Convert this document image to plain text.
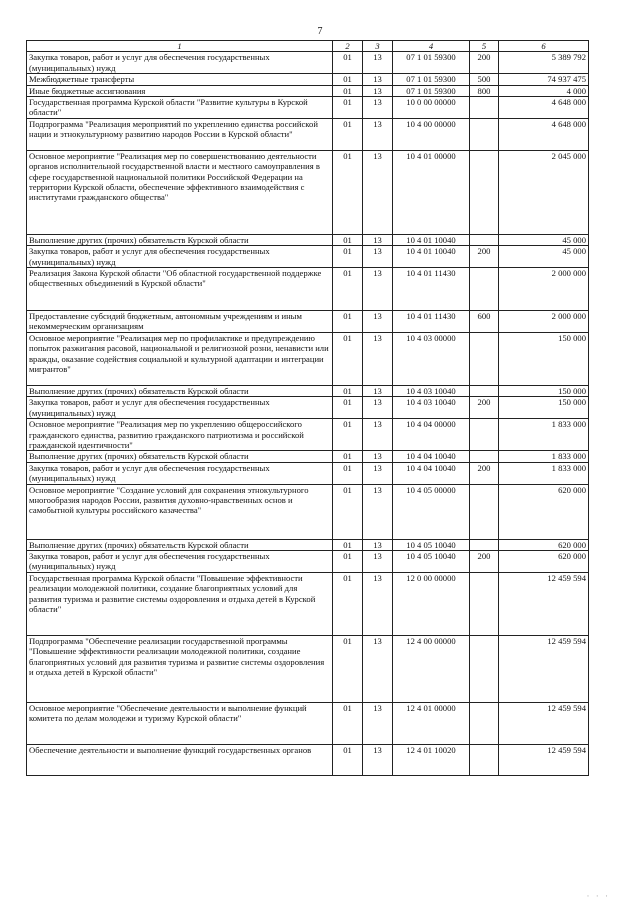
7
1	2	3	4	5	6
Закупка товаров, работ и услуг для обеспечения государственных (муниципальных) нужд	01	13	07 1 01 59300	200	5 389 792
Межбюджетные трансферты	01	13	07 1 01 59300	500	74 937 475
Иные бюджетные ассигнования	01	13	07 1 01 59300	800	4 000
Государственная программа Курской области "Развитие культуры в Курской области"	01	13	10 0 00 00000		4 648 000
Подпрограмма "Реализация мероприятий по укреплению единства российской нации и этнокультурному развитию народов России в Курской области"	01	13	10 4 00 00000		4 648 000
Основное мероприятие "Реализация мер по совершенствованию деятельности органов исполнительной государственной власти и местного самоуправления в сфере государственной национальной политики Российской Федерации на территории Курской области, обеспечение эффективного взаимодействия с институтами гражданского общества"	01	13	10 4 01 00000		2 045 000
Выполнение других (прочих) обязательств Курской области	01	13	10 4 01 10040		45 000
Закупка товаров, работ и услуг для обеспечения государственных (муниципальных) нужд	01	13	10 4 01 10040	200	45 000
Реализация Закона Курской области "Об областной государственной поддержке общественных объединений в Курской области"	01	13	10 4 01 11430		2 000 000
Предоставление субсидий бюджетным, автономным учреждениям и иным некоммерческим организациям	01	13	10 4 01 11430	600	2 000 000
Основное мероприятие "Реализация мер по профилактике и предупреждению попыток разжигания расовой, национальной и религиозной розни, ненависти или вражды, оказание содействия социальной и культурной адаптации и интеграции мигрантов"	01	13	10 4 03 00000		150 000
Выполнение других (прочих) обязательств Курской области	01	13	10 4 03 10040		150 000
Закупка товаров, работ и услуг для обеспечения государственных (муниципальных) нужд	01	13	10 4 03 10040	200	150 000
Основное мероприятие "Реализация мер по укреплению общероссийского гражданского единства, развитию гражданского патриотизма и российской гражданской идентичности"	01	13	10 4 04 00000		1 833 000
Выполнение других (прочих) обязательств Курской области	01	13	10 4 04 10040		1 833 000
Закупка товаров, работ и услуг для обеспечения государственных (муниципальных) нужд	01	13	10 4 04 10040	200	1 833 000
Основное мероприятие "Создание условий для сохранения этнокультурного многообразия народов России, развития духовно-нравственных основ и самобытной культуры российского казачества"	01	13	10 4 05 00000		620 000
Выполнение других (прочих) обязательств Курской области	01	13	10 4 05 10040		620 000
Закупка товаров, работ и услуг для обеспечения государственных (муниципальных) нужд	01	13	10 4 05 10040	200	620 000
Государственная программа Курской области "Повышение эффективности реализации молодежной политики, создание благоприятных условий для развития туризма и развитие системы оздоровления и отдыха детей в Курской области"	01	13	12 0 00 00000		12 459 594
Подпрограмма "Обеспечение реализации государственной программы "Повышение эффективности реализации молодежной политики, создание благоприятных условий для развития туризма и развитие системы оздоровления и отдыха детей в Курской области"	01	13	12 4 00 00000		12 459 594
Основное мероприятие "Обеспечение деятельности и выполнение функций комитета по делам молодежи и туризму Курской области"	01	13	12 4 01 00000		12 459 594
Обеспечение деятельности и выполнение функций государственных органов	01	13	12 4 01 10020		12 459 594
· · ·
